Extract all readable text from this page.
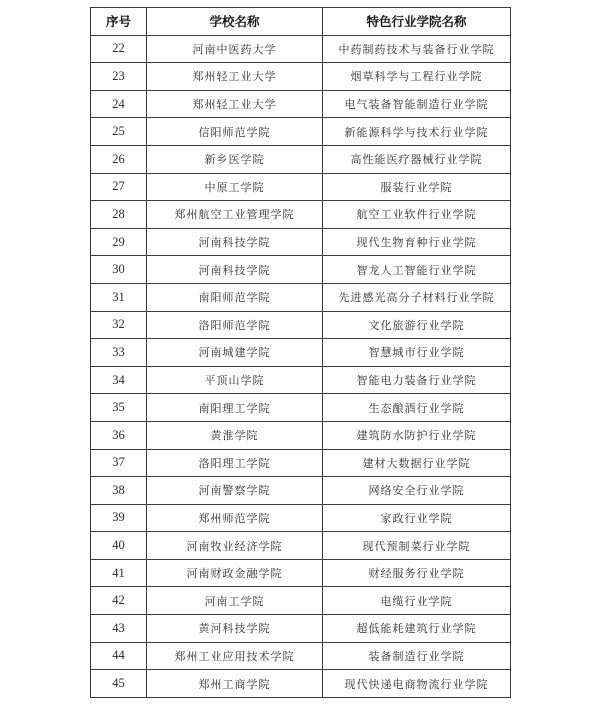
序号	学校名称	特色行业学院名称
22	河南中医药大学	中药制药技术与装备行业学院
23	郑州轻工业大学	烟草科学与工程行业学院
24	郑州轻工业大学	电气装备智能制造行业学院
25	信阳师范学院	新能源科学与技术行业学院
26	新乡医学院	高性能医疗器械行业学院
27	中原工学院	服装行业学院
28	郑州航空工业管理学院	航空工业软件行业学院
29	河南科技学院	现代生物育种行业学院
30	河南科技学院	智龙人工智能行业学院
31	南阳师范学院	先进感光高分子材料行业学院
32	洛阳师范学院	文化旅游行业学院
33	河南城建学院	智慧城市行业学院
34	平顶山学院	智能电力装备行业学院
35	南阳理工学院	生态酿酒行业学院
36	黄淮学院	建筑防水防护行业学院
37	洛阳理工学院	建材大数据行业学院
38	河南警察学院	网络安全行业学院
39	郑州师范学院	家政行业学院
40	河南牧业经济学院	现代预制菜行业学院
41	河南财政金融学院	财经服务行业学院
42	河南工学院	电缆行业学院
43	黄河科技学院	超低能耗建筑行业学院
44	郑州工业应用技术学院	装备制造行业学院
45	郑州工商学院	现代快递电商物流行业学院
